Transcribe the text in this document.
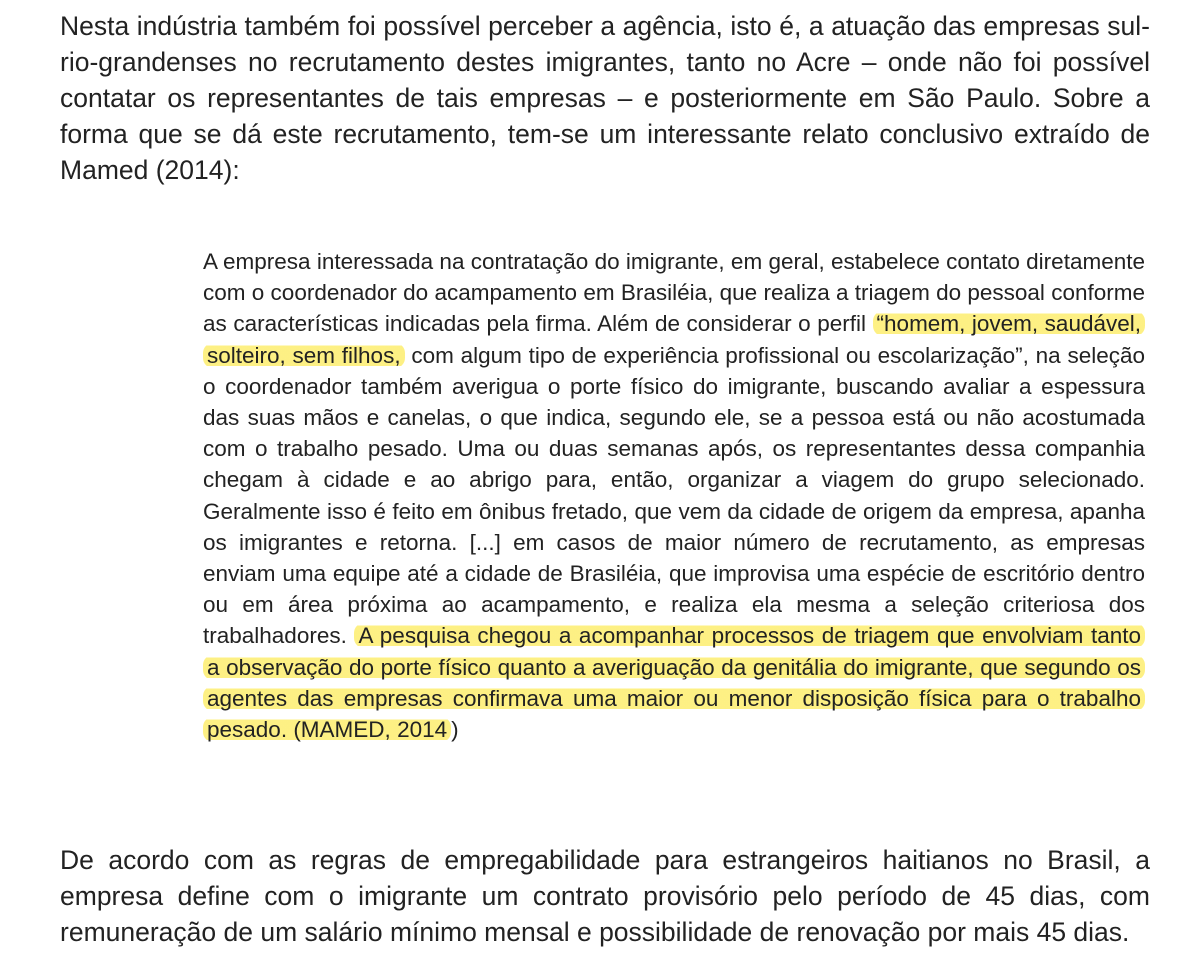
Nesta indústria também foi possível perceber a agência, isto é, a atuação das empresas sul-rio-grandenses no recrutamento destes imigrantes, tanto no Acre – onde não foi possível contatar os representantes de tais empresas – e posteriormente em São Paulo. Sobre a forma que se dá este recrutamento, tem-se um interessante relato conclusivo extraído de Mamed (2014):

A empresa interessada na contratação do imigrante, em geral, estabelece contato diretamente com o coordenador do acampamento em Brasiléia, que realiza a triagem do pessoal conforme as características indicadas pela firma. Além de considerar o perfil “homem, jovem, saudável, solteiro, sem filhos, com algum tipo de experiência profissional ou escolarização”, na seleção o coordenador também averigua o porte físico do imigrante, buscando avaliar a espessura das suas mãos e canelas, o que indica, segundo ele, se a pessoa está ou não acostumada com o trabalho pesado. Uma ou duas semanas após, os representantes dessa companhia chegam à cidade e ao abrigo para, então, organizar a viagem do grupo selecionado. Geralmente isso é feito em ônibus fretado, que vem da cidade de origem da empresa, apanha os imigrantes e retorna. [...] em casos de maior número de recrutamento, as empresas enviam uma equipe até a cidade de Brasiléia, que improvisa uma espécie de escritório dentro ou em área próxima ao acampamento, e realiza ela mesma a seleção criteriosa dos trabalhadores. A pesquisa chegou a acompanhar processos de triagem que envolviam tanto a observação do porte físico quanto a averiguação da genitália do imigrante, que segundo os agentes das empresas confirmava uma maior ou menor disposição física para o trabalho pesado. (MAMED, 2014 )

De acordo com as regras de empregabilidade para estrangeiros haitianos no Brasil, a empresa define com o imigrante um contrato provisório pelo período de 45 dias, com remuneração de um salário mínimo mensal e possibilidade de renovação por mais 45 dias.
